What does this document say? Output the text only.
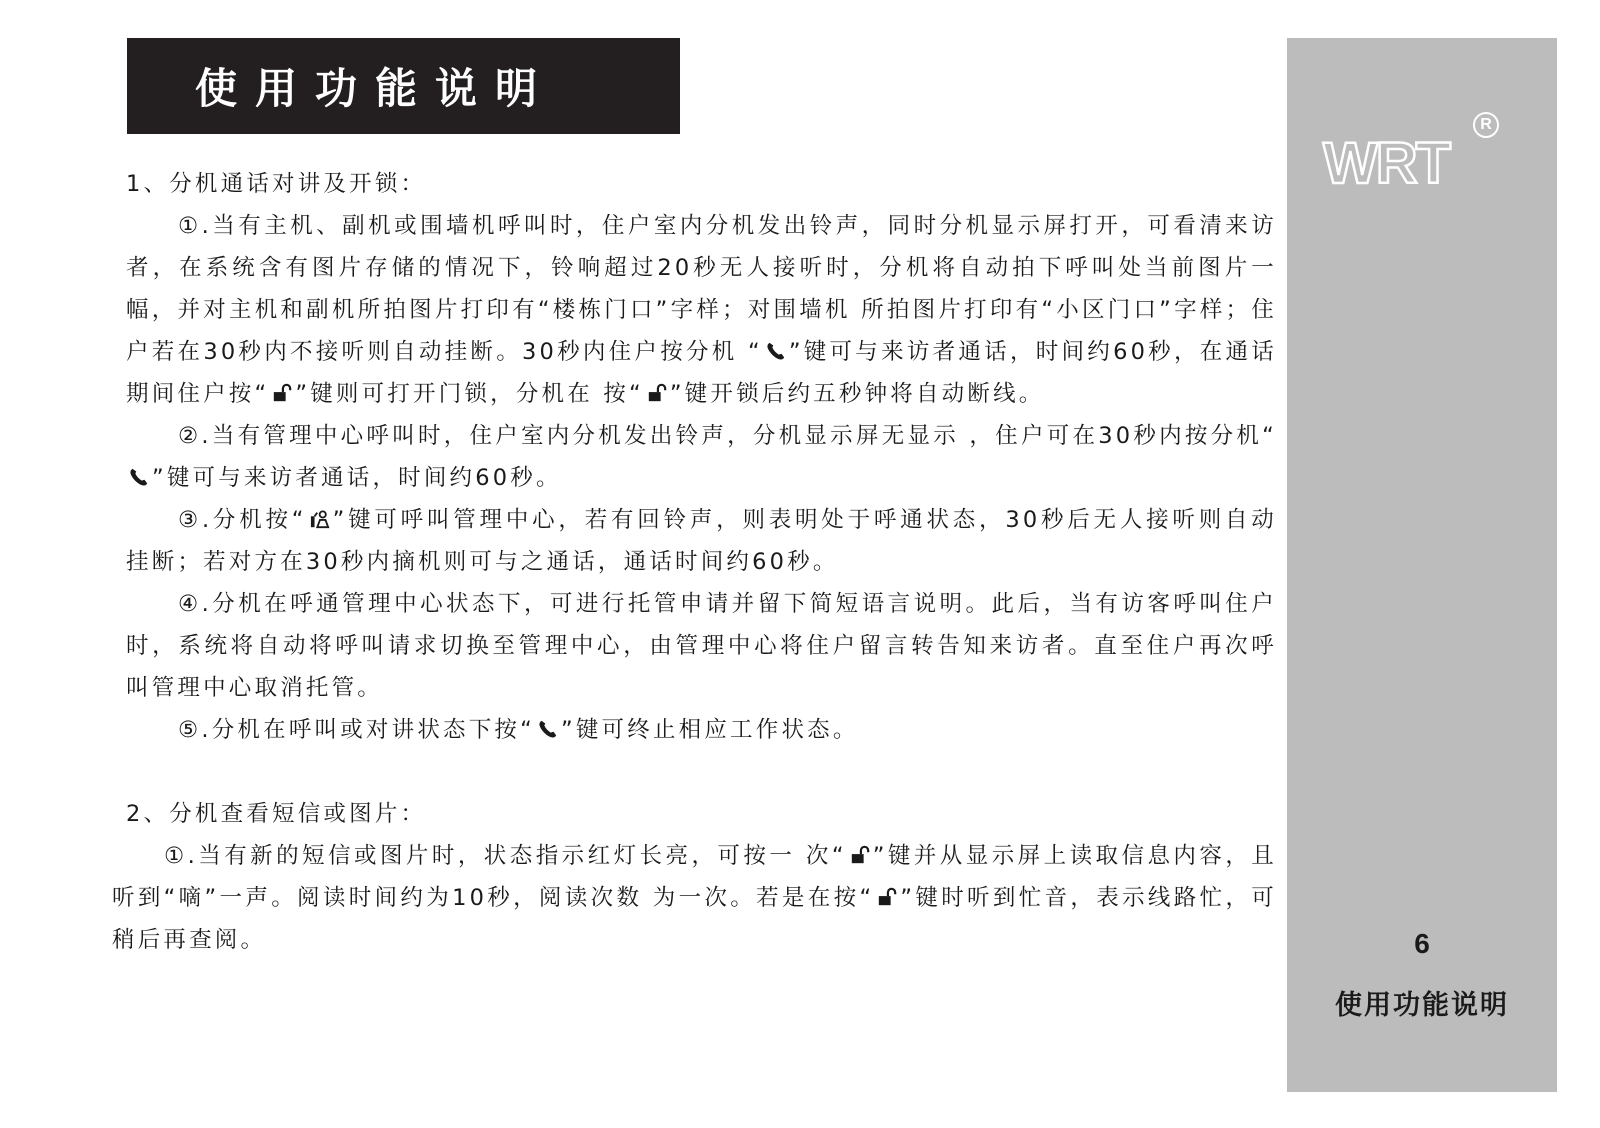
使用功能说明
1、分机通话对讲及开锁：
①.当有主机、副机或围墙机呼叫时，住户室内分机发出铃声，同时分机显示屏打开，可看清来访者，在系统含有图片存储的情况下，铃响超过20秒无人接听时，分机将自动拍下呼叫处当前图片一幅，并对主机和副机所拍图片打印有“楼栋门口”字样；对围墙机 所拍图片打印有“小区门口”字样；住户若在30秒内不接听则自动挂断。30秒内住户按分机 “ ”键可与来访者通话，时间约60秒，在通话期间住户按“ ”键则可打开门锁，分机在 按“ ”键开锁后约五秒钟将自动断线。
②.当有管理中心呼叫时，住户室内分机发出铃声，分机显示屏无显示 ，住户可在30秒内按分机“
”键可与来访者通话，时间约60秒。
③.分机按“ ”键可呼叫管理中心，若有回铃声，则表明处于呼通状态，30秒后无人接听则自动挂断；若对方在30秒内摘机则可与之通话，通话时间约60秒。
④.分机在呼通管理中心状态下，可进行托管申请并留下简短语言说明。此后，当有访客呼叫住户时，系统将自动将呼叫请求切换至管理中心，由管理中心将住户留言转告知来访者。直至住户再次呼叫管理中心取消托管。
⑤.分机在呼叫或对讲状态下按“ ”键可终止相应工作状态。
2、分机查看短信或图片：
①.当有新的短信或图片时，状态指示红灯长亮，可按一 次“ ”键并从显示屏上读取信息内容，且听到“嘀”一声。阅读时间约为10秒，阅读次数 为一次。若是在按“ ”键时听到忙音，表示线路忙，可稍后再查阅。
WRT
R
6
使用功能说明
